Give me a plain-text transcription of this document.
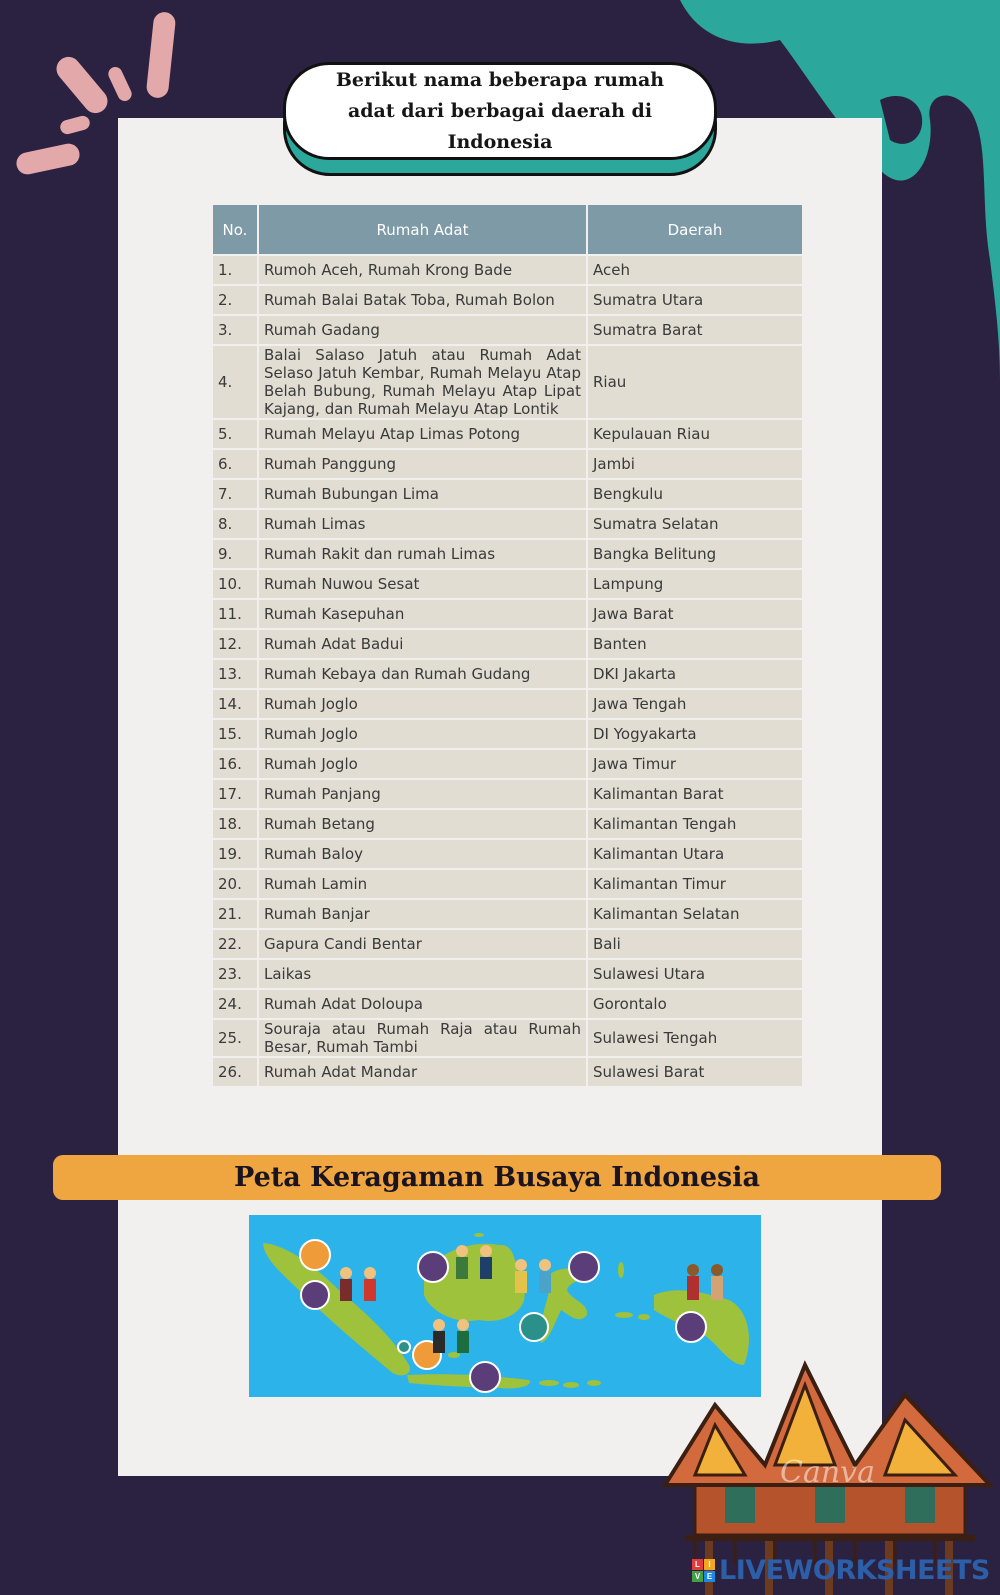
Berikut nama beberapa rumah adat dari berbagai daerah di Indonesia
No.	Rumah Adat	Daerah
1.	Rumoh Aceh, Rumah Krong Bade	Aceh
2.	Rumah Balai Batak Toba, Rumah Bolon	Sumatra Utara
3.	Rumah Gadang	Sumatra Barat
4.	Balai Salaso Jatuh atau Rumah Adat Selaso Jatuh Kembar, Rumah Melayu Atap Belah Bubung, Rumah Melayu Atap Lipat Kajang, dan Rumah Melayu Atap Lontik	Riau
5.	Rumah Melayu Atap Limas Potong	Kepulauan Riau
6.	Rumah Panggung	Jambi
7.	Rumah Bubungan Lima	Bengkulu
8.	Rumah Limas	Sumatra Selatan
9.	Rumah Rakit dan rumah Limas	Bangka Belitung
10.	Rumah Nuwou Sesat	Lampung
11.	Rumah Kasepuhan	Jawa Barat
12.	Rumah Adat Badui	Banten
13.	Rumah Kebaya dan Rumah Gudang	DKI Jakarta
14.	Rumah Joglo	Jawa Tengah
15.	Rumah Joglo	DI Yogyakarta
16.	Rumah Joglo	Jawa Timur
17.	Rumah Panjang	Kalimantan Barat
18.	Rumah Betang	Kalimantan Tengah
19.	Rumah Baloy	Kalimantan Utara
20.	Rumah Lamin	Kalimantan Timur
21.	Rumah Banjar	Kalimantan Selatan
22.	Gapura Candi Bentar	Bali
23.	Laikas	Sulawesi Utara
24.	Rumah Adat Doloupa	Gorontalo
25.	Souraja atau Rumah Raja atau Rumah Besar, Rumah Tambi	Sulawesi Tengah
26.	Rumah Adat Mandar	Sulawesi Barat
Peta Keragaman Busaya Indonesia
Canva
L	I
V E LIVEWORKSHEETS
